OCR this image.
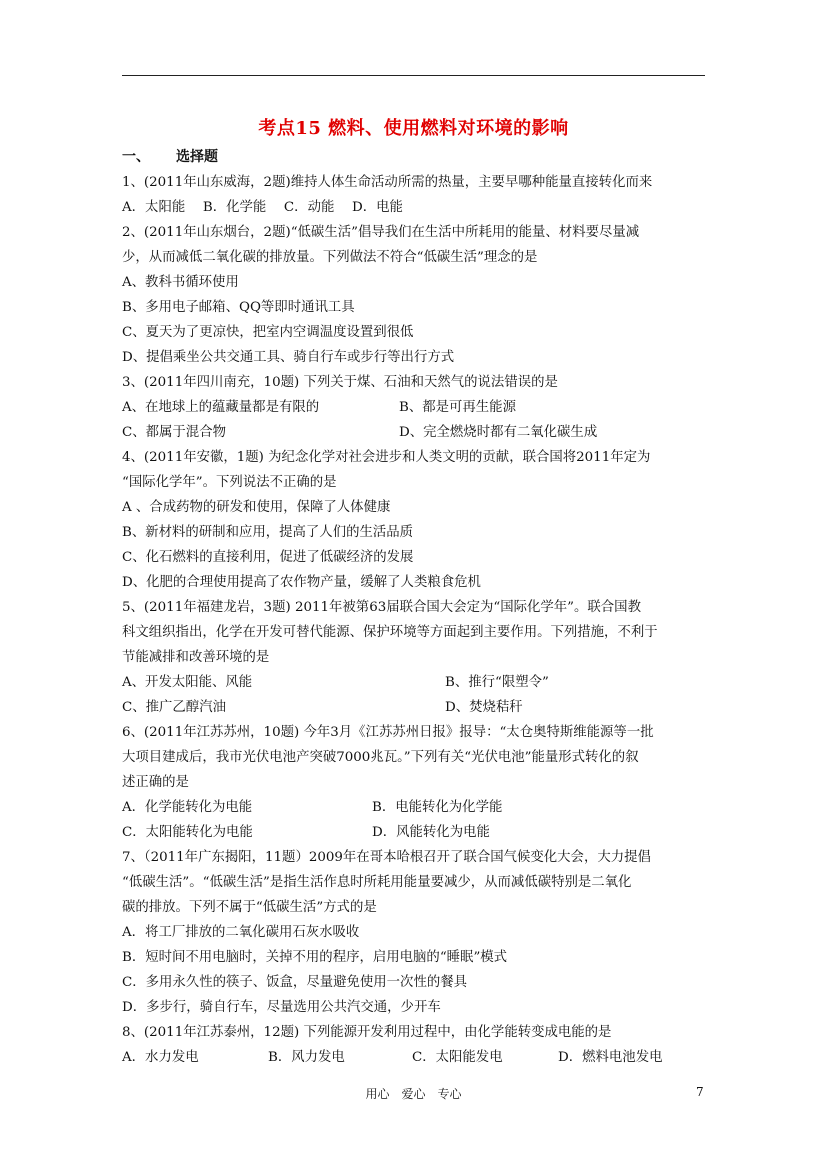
考点15 燃料、使用燃料对环境的影响
一、 选择题
1、(2011年山东威海，2题)维持人体生命活动所需的热量，主要早哪种能量直接转化而来
A．太阳能　 B．化学能　 C．动能　 D．电能
2、(2011年山东烟台，2题)“低碳生活”倡导我们在生活中所耗用的能量、材料要尽量减
少，从而减低二氧化碳的排放量。下列做法不符合“低碳生活”理念的是
A、教科书循环使用
B、多用电子邮箱、QQ等即时通讯工具
C、夏天为了更凉快，把室内空调温度设置到很低
D、提倡乘坐公共交通工具、骑自行车或步行等出行方式
3、(2011年四川南充，10题) 下列关于煤、石油和天然气的说法错误的是
A、在地球上的蕴藏量都是有限的	B、都是可再生能源
C、都属于混合物	D、完全燃烧时都有二氧化碳生成
4、(2011年安徽，1题) 为纪念化学对社会进步和人类文明的贡献，联合国将2011年定为
“国际化学年”。下列说法不正确的是
A 、合成药物的研发和使用，保障了人体健康
B、新材料的研制和应用，提高了人们的生活品质
C、化石燃料的直接利用，促进了低碳经济的发展
D、化肥的合理使用提高了农作物产量，缓解了人类粮食危机
5、(2011年福建龙岩，3题) 2011年被第63届联合国大会定为“国际化学年”。联合国教
科文组织指出，化学在开发可替代能源、保护环境等方面起到主要作用。下列措施，不利于
节能减排和改善环境的是
A、开发太阳能、风能	B、推行“限塑令”
C、推广乙醇汽油	D、焚烧秸秆
6、(2011年江苏苏州，10题) 今年3月《江苏苏州日报》报导：“太仓奥特斯维能源等一批
大项目建成后，我市光伏电池产突破7000兆瓦。”下列有关“光伏电池”能量形式转化的叙
述正确的是
A．化学能转化为电能	B．电能转化为化学能
C．太阳能转化为电能	D．风能转化为电能
7、（2011年广东揭阳，11题）2009年在哥本哈根召开了联合国气候变化大会，大力提倡
“低碳生活”。“低碳生活”是指生活作息时所耗用能量要减少，从而减低碳特别是二氧化
碳的排放。下列不属于“低碳生活”方式的是
A．将工厂排放的二氧化碳用石灰水吸收
B．短时间不用电脑时，关掉不用的程序，启用电脑的“睡眠”模式
C．多用永久性的筷子、饭盒，尽量避免使用一次性的餐具
D．多步行，骑自行车，尽量选用公共汽交通，少开车
8、(2011年江苏泰州，12题) 下列能源开发利用过程中，由化学能转变成电能的是
A．水力发电	B．风力发电	C．太阳能发电	D．燃料电池发电
用心　爱心　专心	7
